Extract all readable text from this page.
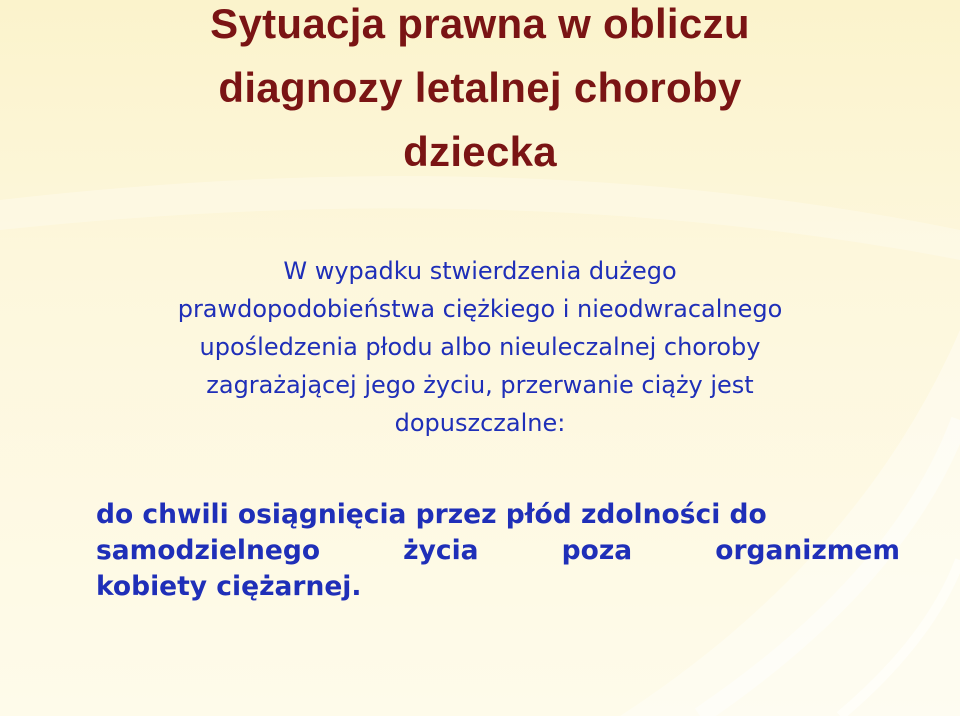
Sytuacja prawna w obliczu
diagnozy letalnej choroby
dziecka

W wypadku stwierdzenia dużego
prawdopodobieństwa ciężkiego i nieodwracalnego
upośledzenia płodu albo nieuleczalnej choroby
zagrażającej jego życiu, przerwanie ciąży jest
dopuszczalne:

do chwili osiągnięcia przez płód zdolności do
samodzielnego	życia	poza	organizmem
kobiety ciężarnej.
